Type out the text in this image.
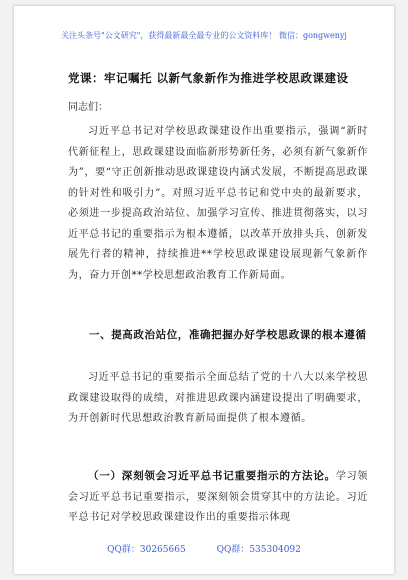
关注头条号"公文研究"，获得最新最全最专业的公文资料库！ 微信：gongwenyj
党课：牢记嘱托 以新气象新作为推进学校思政课建设
同志们：
习近平总书记对学校思政课建设作出重要指示，强调“新时代新征程上，思政课建设面临新形势新任务，必须有新气象新作为”，要“守正创新推动思政课建设内涵式发展，不断提高思政课的针对性和吸引力”。对照习近平总书记和党中央的最新要求，必须进一步提高政治站位、加强学习宣传、推进贯彻落实，以习近平总书记的重要指示为根本遵循，以改革开放排头兵、创新发展先行者的精神，持续推进**学校思政课建设展现新气象新作为，奋力开创**学校思想政治教育工作新局面。
一、提高政治站位，准确把握办好学校思政课的根本遵循
习近平总书记的重要指示全面总结了党的十八大以来学校思政课建设取得的成绩，对推进思政课内涵建设提出了明确要求，为开创新时代思想政治教育新局面提供了根本遵循。
（一）深刻领会习近平总书记重要指示的方法论。学习领会习近平总书记重要指示，要深刻领会贯穿其中的方法论。习近平总书记对学校思政课建设作出的重要指示体现
QQ群：30265665	QQ群：535304092
